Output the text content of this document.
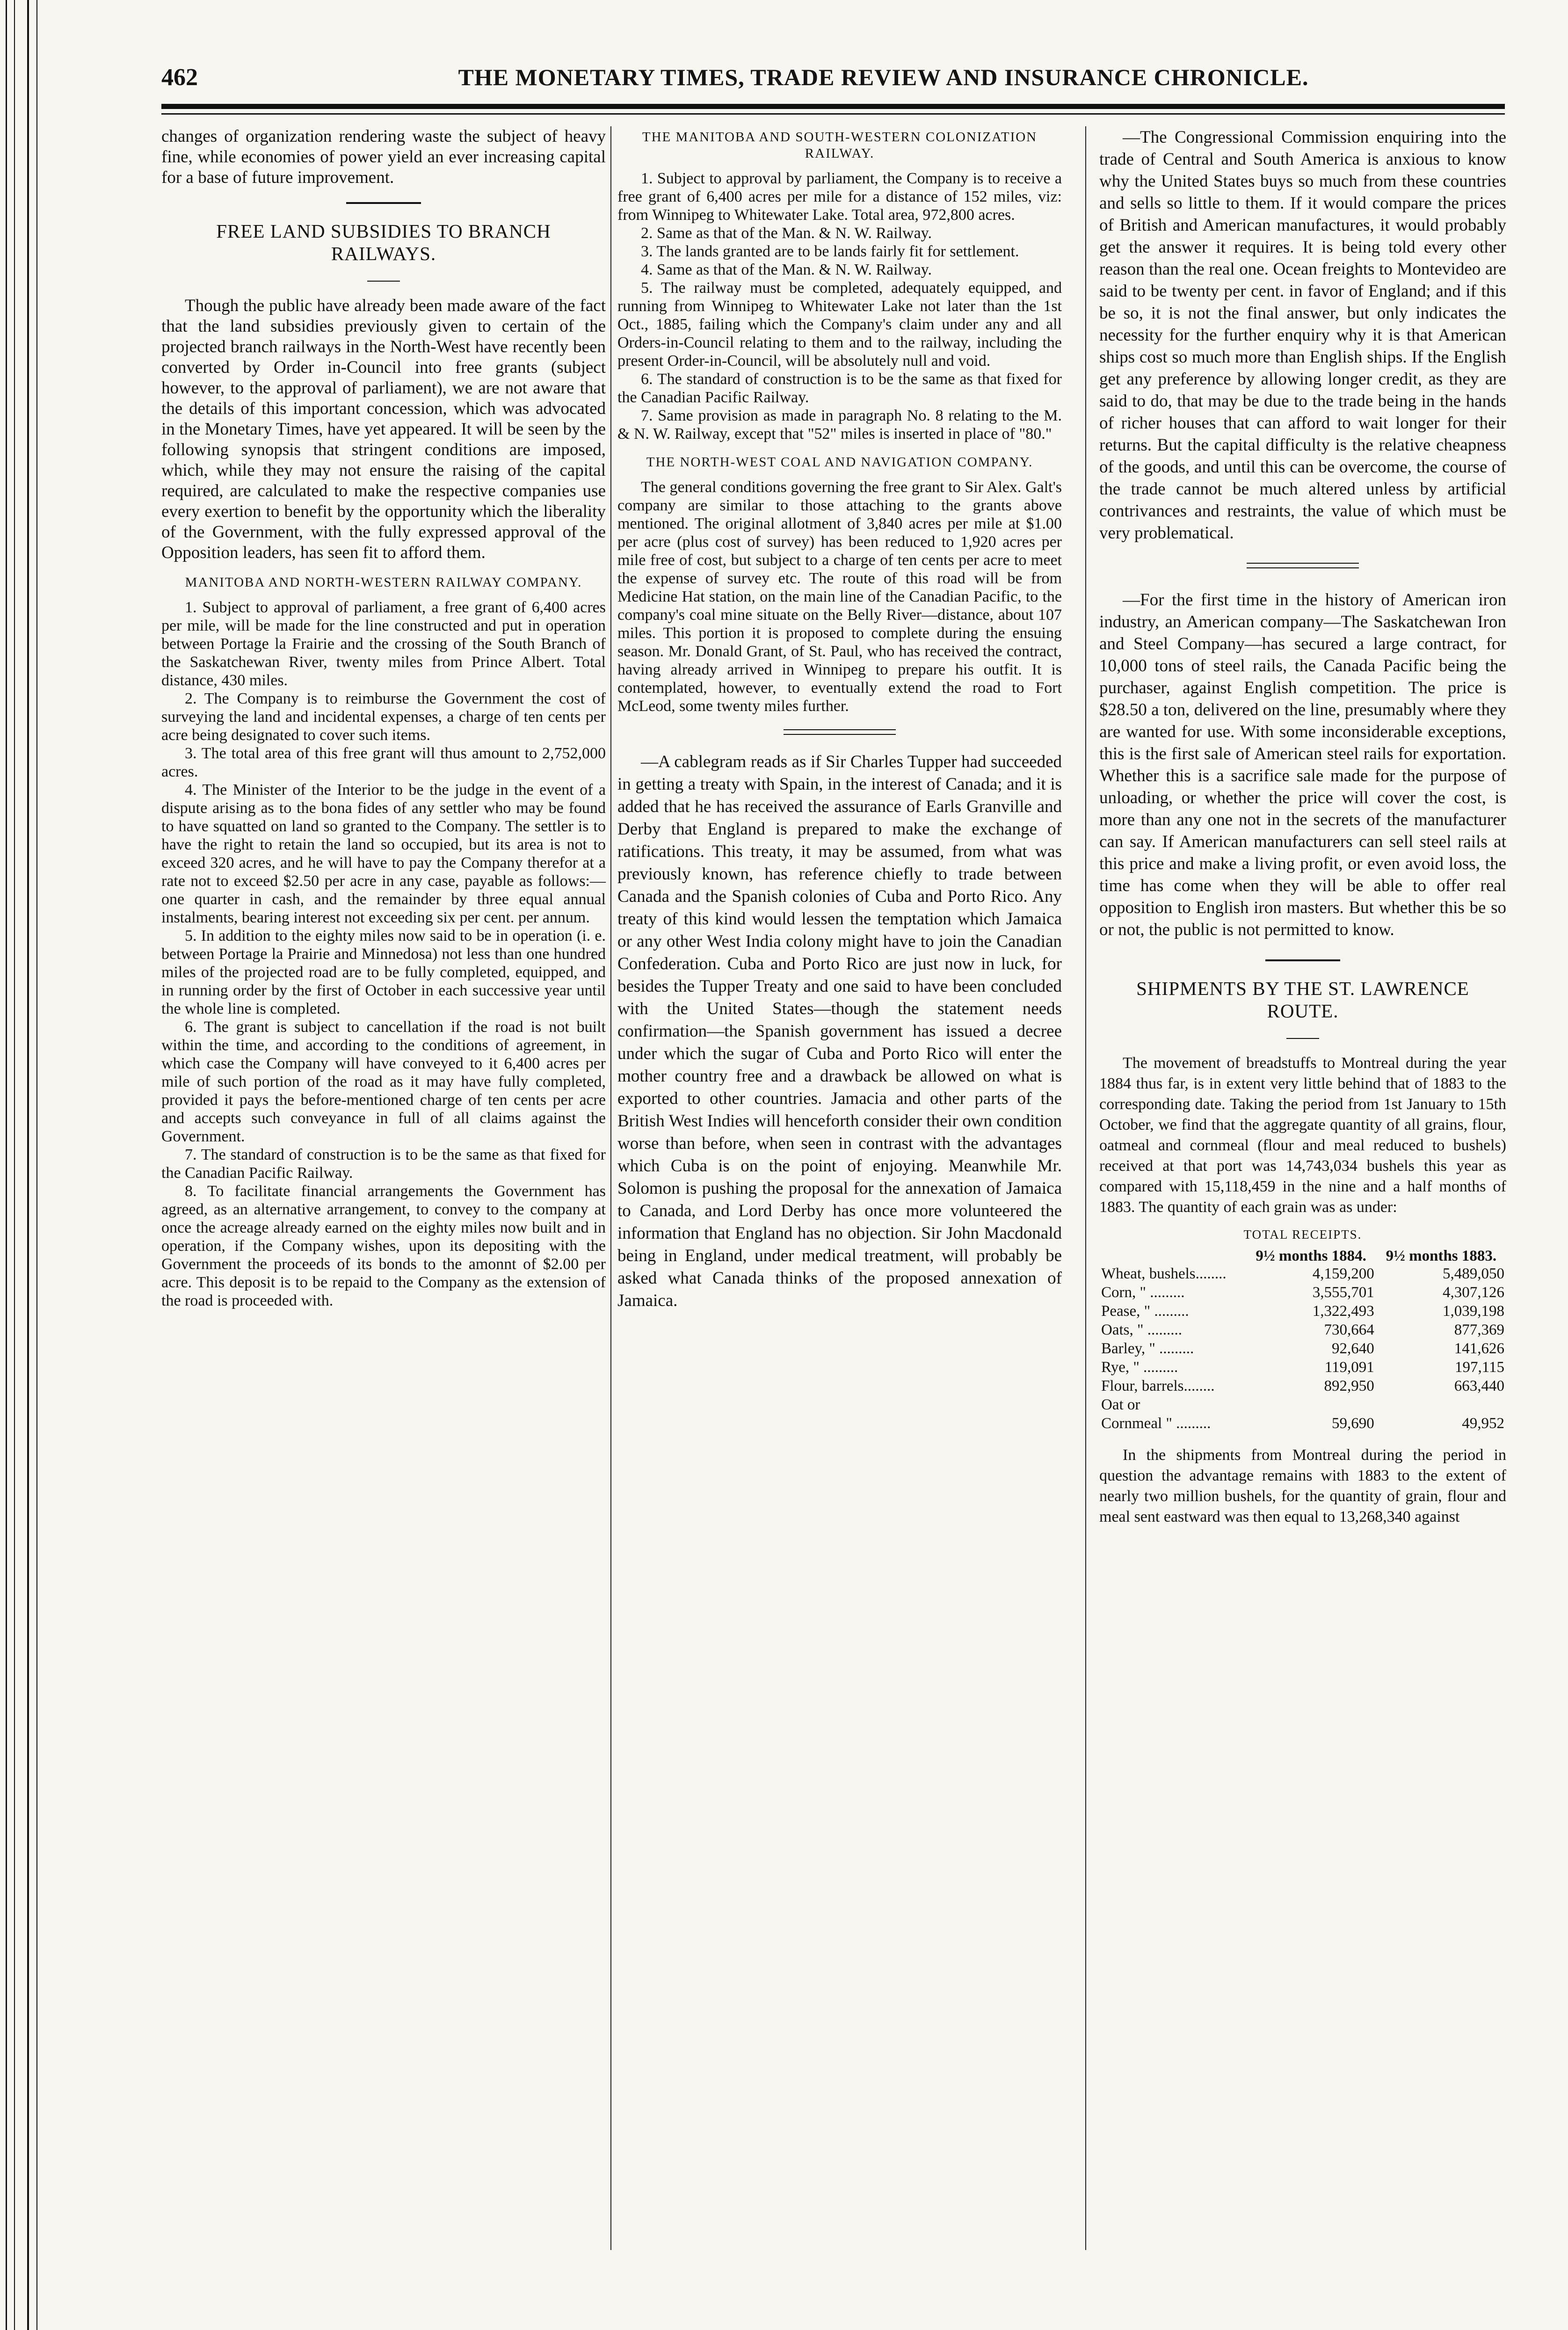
462	THE MONETARY TIMES, TRADE REVIEW AND INSURANCE CHRONICLE.

changes of organization rendering waste the subject of heavy fine, while economies of power yield an ever increasing capital for a base of future improvement.

FREE LAND SUBSIDIES TO BRANCH RAILWAYS.

Though the public have already been made aware of the fact that the land subsidies previously given to certain of the projected branch railways in the North-West have recently been converted by Order in-Council into free grants (subject however, to the approval of parliament), we are not aware that the details of this important concession, which was advocated in the Monetary Times, have yet appeared. It will be seen by the following synopsis that stringent conditions are imposed, which, while they may not ensure the raising of the capital required, are calculated to make the respective companies use every exertion to benefit by the opportunity which the liberality of the Government, with the fully expressed approval of the Opposition leaders, has seen fit to afford them.

MANITOBA AND NORTH-WESTERN RAILWAY COMPANY.

1. Subject to approval of parliament, a free grant of 6,400 acres per mile, will be made for the line constructed and put in operation between Portage la Frairie and the crossing of the South Branch of the Saskatchewan River, twenty miles from Prince Albert. Total distance, 430 miles.

2. The Company is to reimburse the Government the cost of surveying the land and incidental expenses, a charge of ten cents per acre being designated to cover such items.

3. The total area of this free grant will thus amount to 2,752,000 acres.

4. The Minister of the Interior to be the judge in the event of a dispute arising as to the bona fides of any settler who may be found to have squatted on land so granted to the Company. The settler is to have the right to retain the land so occupied, but its area is not to exceed 320 acres, and he will have to pay the Company therefor at a rate not to exceed $2.50 per acre in any case, payable as follows:—one quarter in cash, and the remainder by three equal annual instalments, bearing interest not exceeding six per cent. per annum.

5. In addition to the eighty miles now said to be in operation (i. e. between Portage la Prairie and Minnedosa) not less than one hundred miles of the projected road are to be fully completed, equipped, and in running order by the first of October in each successive year until the whole line is completed.

6. The grant is subject to cancellation if the road is not built within the time, and according to the conditions of agreement, in which case the Company will have conveyed to it 6,400 acres per mile of such portion of the road as it may have fully completed, provided it pays the before-mentioned charge of ten cents per acre and accepts such conveyance in full of all claims against the Government.

7. The standard of construction is to be the same as that fixed for the Canadian Pacific Railway.

8. To facilitate financial arrangements the Government has agreed, as an alternative arrangement, to convey to the company at once the acreage already earned on the eighty miles now built and in operation, if the Company wishes, upon its depositing with the Government the proceeds of its bonds to the amonnt of $2.00 per acre. This deposit is to be repaid to the Company as the extension of the road is proceeded with.

THE MANITOBA AND SOUTH-WESTERN COLONIZATION RAILWAY.

1. Subject to approval by parliament, the Company is to receive a free grant of 6,400 acres per mile for a distance of 152 miles, viz: from Winnipeg to Whitewater Lake. Total area, 972,800 acres.

2. Same as that of the Man. & N. W. Railway.

3. The lands granted are to be lands fairly fit for settlement.

4. Same as that of the Man. & N. W. Railway.

5. The railway must be completed, adequately equipped, and running from Winnipeg to Whitewater Lake not later than the 1st Oct., 1885, failing which the Company's claim under any and all Orders-in-Council relating to them and to the railway, including the present Order-in-Council, will be absolutely null and void.

6. The standard of construction is to be the same as that fixed for the Canadian Pacific Railway.

7. Same provision as made in paragraph No. 8 relating to the M. & N. W. Railway, except that "52" miles is inserted in place of "80."

THE NORTH-WEST COAL AND NAVIGATION COMPANY.

The general conditions governing the free grant to Sir Alex. Galt's company are similar to those attaching to the grants above mentioned. The original allotment of 3,840 acres per mile at $1.00 per acre (plus cost of survey) has been reduced to 1,920 acres per mile free of cost, but subject to a charge of ten cents per acre to meet the expense of survey etc. The route of this road will be from Medicine Hat station, on the main line of the Canadian Pacific, to the company's coal mine situate on the Belly River—distance, about 107 miles. This portion it is proposed to complete during the ensuing season. Mr. Donald Grant, of St. Paul, who has received the contract, having already arrived in Winnipeg to prepare his outfit. It is contemplated, however, to eventually extend the road to Fort McLeod, some twenty miles further.

—A cablegram reads as if Sir Charles Tupper had succeeded in getting a treaty with Spain, in the interest of Canada; and it is added that he has received the assurance of Earls Granville and Derby that England is prepared to make the exchange of ratifications. This treaty, it may be assumed, from what was previously known, has reference chiefly to trade between Canada and the Spanish colonies of Cuba and Porto Rico. Any treaty of this kind would lessen the temptation which Jamaica or any other West India colony might have to join the Canadian Confederation. Cuba and Porto Rico are just now in luck, for besides the Tupper Treaty and one said to have been concluded with the United States—though the statement needs confirmation—the Spanish government has issued a decree under which the sugar of Cuba and Porto Rico will enter the mother country free and a drawback be allowed on what is exported to other countries. Jamacia and other parts of the British West Indies will henceforth consider their own condition worse than before, when seen in contrast with the advantages which Cuba is on the point of enjoying. Meanwhile Mr. Solomon is pushing the proposal for the annexation of Jamaica to Canada, and Lord Derby has once more volunteered the information that England has no objection. Sir John Macdonald being in England, under medical treatment, will probably be asked what Canada thinks of the proposed annexation of Jamaica.

—The Congressional Commission enquiring into the trade of Central and South America is anxious to know why the United States buys so much from these countries and sells so little to them. If it would compare the prices of British and American manufactures, it would probably get the answer it requires. It is being told every other reason than the real one. Ocean freights to Montevideo are said to be twenty per cent. in favor of England; and if this be so, it is not the final answer, but only indicates the necessity for the further enquiry why it is that American ships cost so much more than English ships. If the English get any preference by allowing longer credit, as they are said to do, that may be due to the trade being in the hands of richer houses that can afford to wait longer for their returns. But the capital difficulty is the relative cheapness of the goods, and until this can be overcome, the course of the trade cannot be much altered unless by artificial contrivances and restraints, the value of which must be very problematical.

—For the first time in the history of American iron industry, an American company—The Saskatchewan Iron and Steel Company—has secured a large contract, for 10,000 tons of steel rails, the Canada Pacific being the purchaser, against English competition. The price is $28.50 a ton, delivered on the line, presumably where they are wanted for use. With some inconsiderable exceptions, this is the first sale of American steel rails for exportation. Whether this is a sacrifice sale made for the purpose of unloading, or whether the price will cover the cost, is more than any one not in the secrets of the manufacturer can say. If American manufacturers can sell steel rails at this price and make a living profit, or even avoid loss, the time has come when they will be able to offer real opposition to English iron masters. But whether this be so or not, the public is not permitted to know.

SHIPMENTS BY THE ST. LAWRENCE ROUTE.

The movement of breadstuffs to Montreal during the year 1884 thus far, is in extent very little behind that of 1883 to the corresponding date. Taking the period from 1st January to 15th October, we find that the aggregate quantity of all grains, flour, oatmeal and cornmeal (flour and meal reduced to bushels) received at that port was 14,743,034 bushels this year as compared with 15,118,459 in the nine and a half months of 1883. The quantity of each grain was as under:

TOTAL RECEIPTS.
	9½ months 1884.	9½ months 1883.
Wheat, bushels........	4,159,200	5,489,050
Corn, " .........	3,555,701	4,307,126
Pease, " .........	1,322,493	1,039,198
Oats, " .........	730,664	877,369
Barley, " .........	92,640	141,626
Rye, " .........	119,091	197,115
Flour, barrels........	892,950	663,440
Oat or		
Cornmeal " .........	59,690	49,952

In the shipments from Montreal during the period in question the advantage remains with 1883 to the extent of nearly two million bushels, for the quantity of grain, flour and meal sent eastward was then equal to 13,268,340 against
